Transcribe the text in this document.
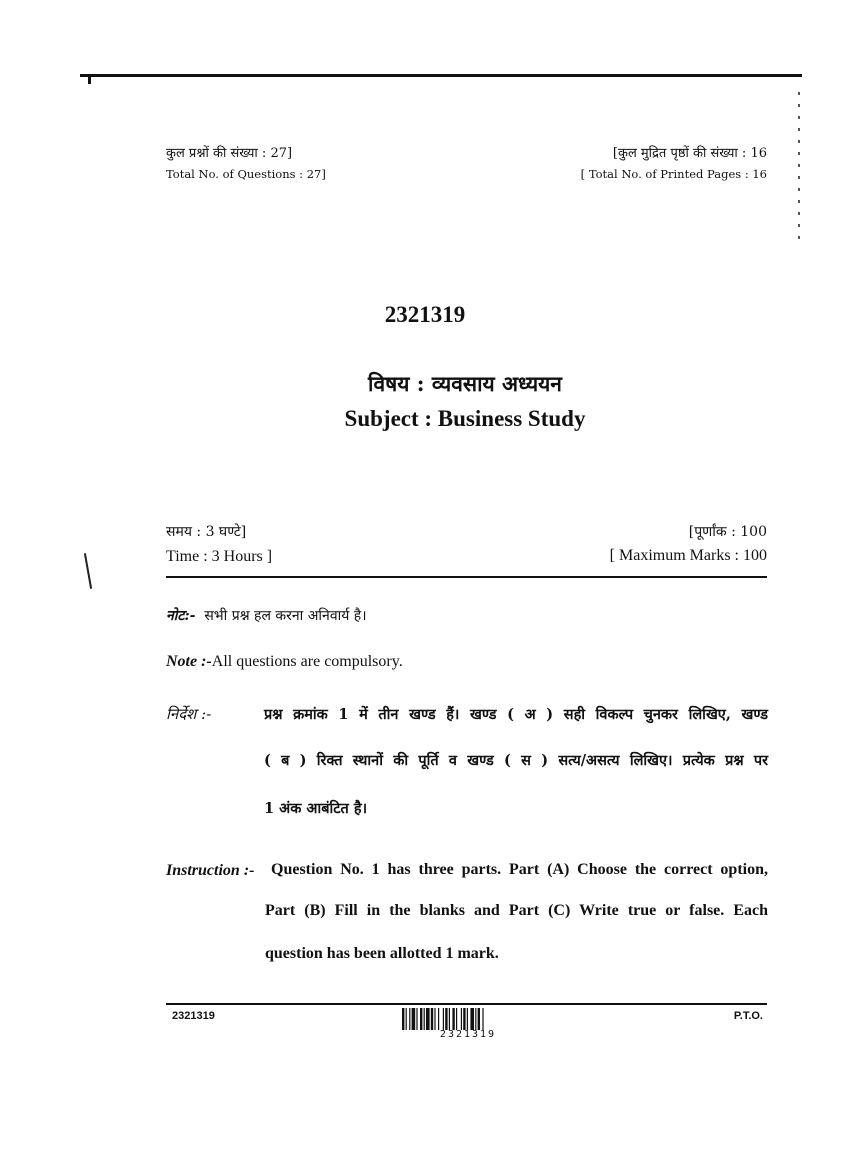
कुल प्रश्नों की संख्या : 27]
Total No. of Questions : 27]
[कुल मुद्रित पृष्ठों की संख्या : 16
[ Total No. of Printed Pages : 16
2321319
विषय : व्यवसाय अध्ययन
Subject : Business Study
समय : 3 घण्टे]
Time : 3 Hours ]
[पूर्णांक : 100
[ Maximum Marks : 100
नोट:- सभी प्रश्न हल करना अनिवार्य है।
Note :-All questions are compulsory.
निर्देश :-	प्रश्न क्रमांक 1 में तीन खण्ड हैं। खण्ड ( अ ) सही विकल्प चुनकर लिखिए, खण्ड
( ब ) रिक्त स्थानों की पूर्ति व खण्ड ( स ) सत्य/असत्य लिखिए। प्रत्येक प्रश्न पर
1 अंक आबंटित है।
Instruction :- Question No. 1 has three parts. Part (A) Choose the correct option,
Part (B) Fill in the blanks and Part (C) Write true or false. Each
question has been allotted 1 mark.
2321319
2321319
P.T.O.
